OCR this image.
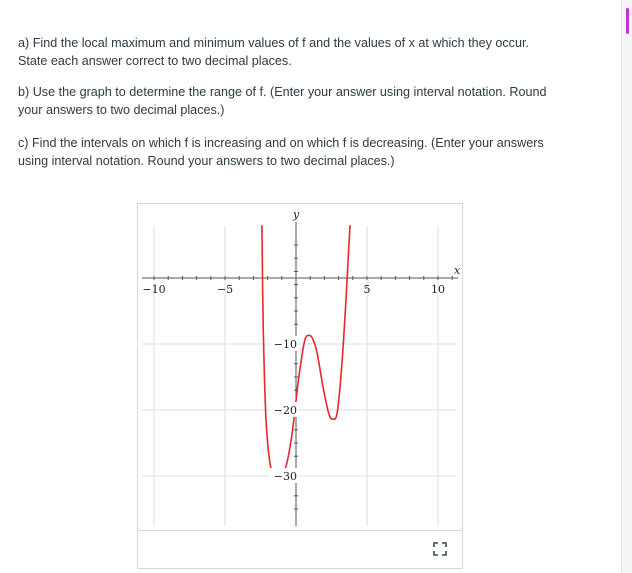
a) Find the local maximum and minimum values of f and the values of x at which they occur.
State each answer correct to two decimal places.
b) Use the graph to determine the range of f. (Enter your answer using interval notation. Round
your answers to two decimal places.)
c) Find the intervals on which f is increasing and on which f is decreasing. (Enter your answers
using interval notation. Round your answers to two decimal places.)
x
y
−10	−5	5	10
−10
−20
−30
